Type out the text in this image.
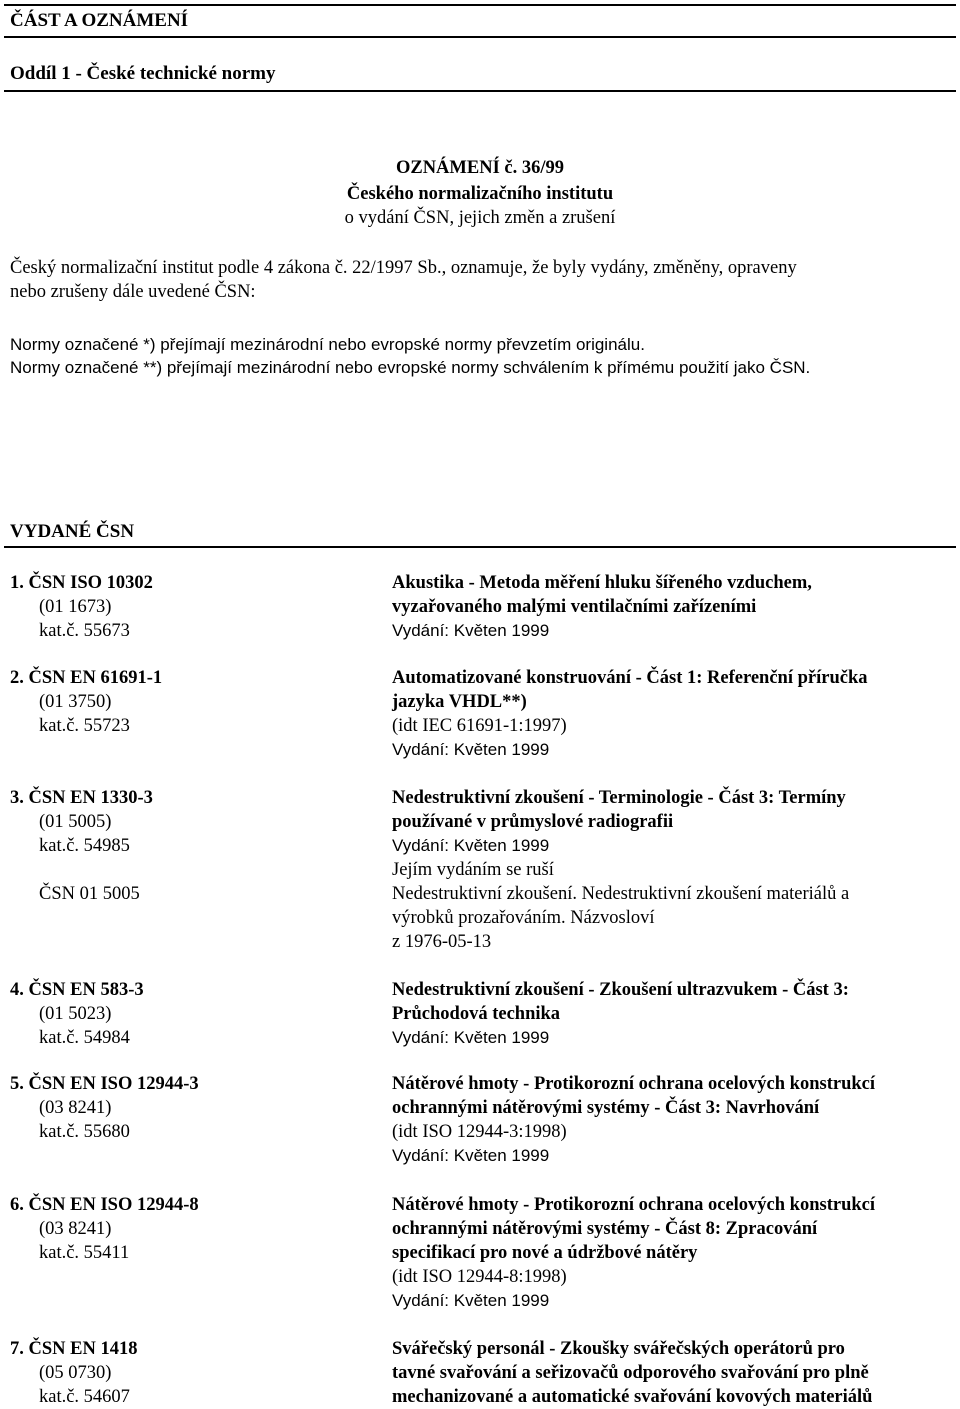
ČÁST A OZNÁMENÍ
Oddíl 1 - České technické normy
OZNÁMENÍ č. 36/99
Českého normalizačního institutu
o vydání ČSN, jejich změn a zrušení
Český normalizační institut podle 4 zákona č. 22/1997 Sb., oznamuje, že byly vydány, změněny, opraveny
nebo zrušeny dále uvedené ČSN:
Normy označené *) přejímají mezinárodní nebo evropské normy převzetím originálu.
Normy označené **) přejímají mezinárodní nebo evropské normy schválením k přímému použití jako ČSN.
VYDANÉ ČSN
1. ČSN ISO 10302
(01 1673)
kat.č. 55673
Akustika - Metoda měření hluku šířeného vzduchem,
vyzařovaného malými ventilačními zařízeními
Vydání: Květen 1999
2. ČSN EN 61691-1
(01 3750)
kat.č. 55723
Automatizované konstruování - Část 1: Referenční příručka
jazyka VHDL**)
(idt IEC 61691-1:1997)
Vydání: Květen 1999
3. ČSN EN 1330-3
(01 5005)
kat.č. 54985
ČSN 01 5005
Nedestruktivní zkoušení - Terminologie - Část 3: Termíny
používané v průmyslové radiografii
Vydání: Květen 1999
Jejím vydáním se ruší
Nedestruktivní zkoušení. Nedestruktivní zkoušení materiálů a
výrobků prozařováním. Názvosloví
z 1976-05-13
4. ČSN EN 583-3
(01 5023)
kat.č. 54984
Nedestruktivní zkoušení - Zkoušení ultrazvukem - Část 3:
Průchodová technika
Vydání: Květen 1999
5. ČSN EN ISO 12944-3
(03 8241)
kat.č. 55680
Nátěrové hmoty - Protikorozní ochrana ocelových konstrukcí
ochrannými nátěrovými systémy - Část 3: Navrhování
(idt ISO 12944-3:1998)
Vydání: Květen 1999
6. ČSN EN ISO 12944-8
(03 8241)
kat.č. 55411
Nátěrové hmoty - Protikorozní ochrana ocelových konstrukcí
ochrannými nátěrovými systémy - Část 8: Zpracování
specifikací pro nové a údržbové nátěry
(idt ISO 12944-8:1998)
Vydání: Květen 1999
7. ČSN EN 1418
(05 0730)
kat.č. 54607
Svářečský personál - Zkoušky svářečských operátorů pro
tavné svařování a seřizovačů odporového svařování pro plně
mechanizované a automatické svařování kovových materiálů
